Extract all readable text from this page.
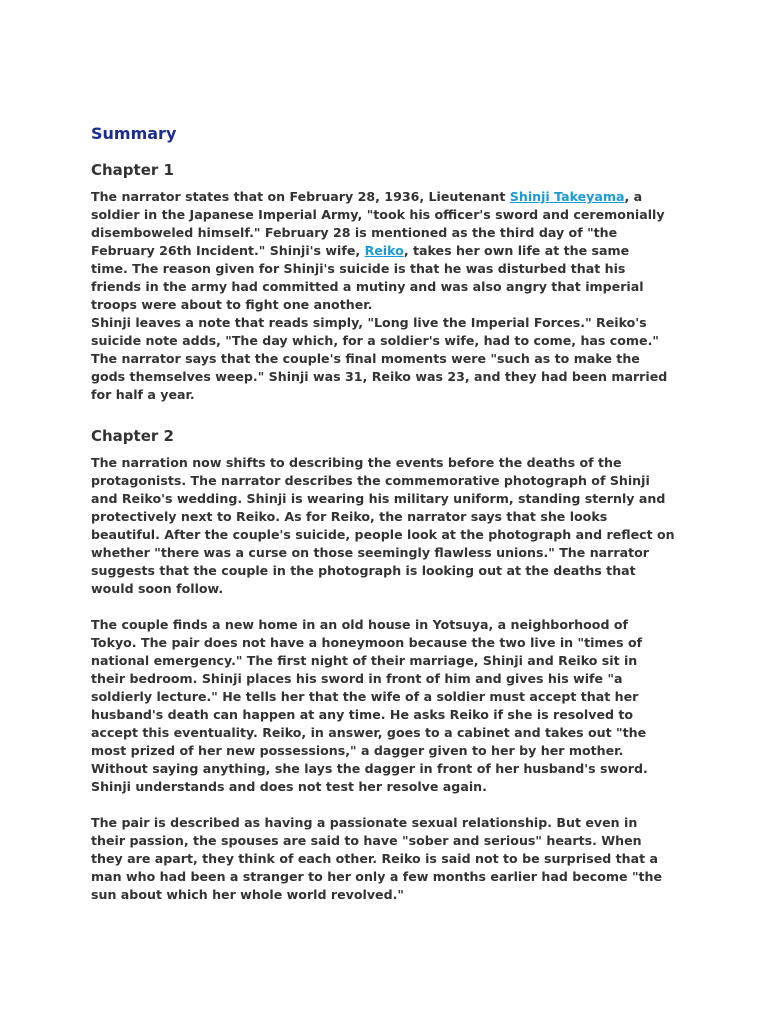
Summary
Chapter 1

The narrator states that on February 28, 1936, Lieutenant Shinji Takeyama, a
soldier in the Japanese Imperial Army, "took his officer's sword and ceremonially
disemboweled himself." February 28 is mentioned as the third day of "the
February 26th Incident." Shinji's wife, Reiko, takes her own life at the same
time. The reason given for Shinji's suicide is that he was disturbed that his
friends in the army had committed a mutiny and was also angry that imperial
troops were about to fight one another.

Shinji leaves a note that reads simply, "Long live the Imperial Forces." Reiko's
suicide note adds, "The day which, for a soldier's wife, had to come, has come."
The narrator says that the couple's final moments were "such as to make the
gods themselves weep." Shinji was 31, Reiko was 23, and they had been married
for half a year.

Chapter 2

The narration now shifts to describing the events before the deaths of the
protagonists. The narrator describes the commemorative photograph of Shinji
and Reiko's wedding. Shinji is wearing his military uniform, standing sternly and
protectively next to Reiko. As for Reiko, the narrator says that she looks
beautiful. After the couple's suicide, people look at the photograph and reflect on
whether "there was a curse on those seemingly flawless unions." The narrator
suggests that the couple in the photograph is looking out at the deaths that
would soon follow.

The couple finds a new home in an old house in Yotsuya, a neighborhood of
Tokyo. The pair does not have a honeymoon because the two live in "times of
national emergency." The first night of their marriage, Shinji and Reiko sit in
their bedroom. Shinji places his sword in front of him and gives his wife "a
soldierly lecture." He tells her that the wife of a soldier must accept that her
husband's death can happen at any time. He asks Reiko if she is resolved to
accept this eventuality. Reiko, in answer, goes to a cabinet and takes out "the
most prized of her new possessions," a dagger given to her by her mother.
Without saying anything, she lays the dagger in front of her husband's sword.
Shinji understands and does not test her resolve again.

The pair is described as having a passionate sexual relationship. But even in
their passion, the spouses are said to have "sober and serious" hearts. When
they are apart, they think of each other. Reiko is said not to be surprised that a
man who had been a stranger to her only a few months earlier had become "the
sun about which her whole world revolved."
